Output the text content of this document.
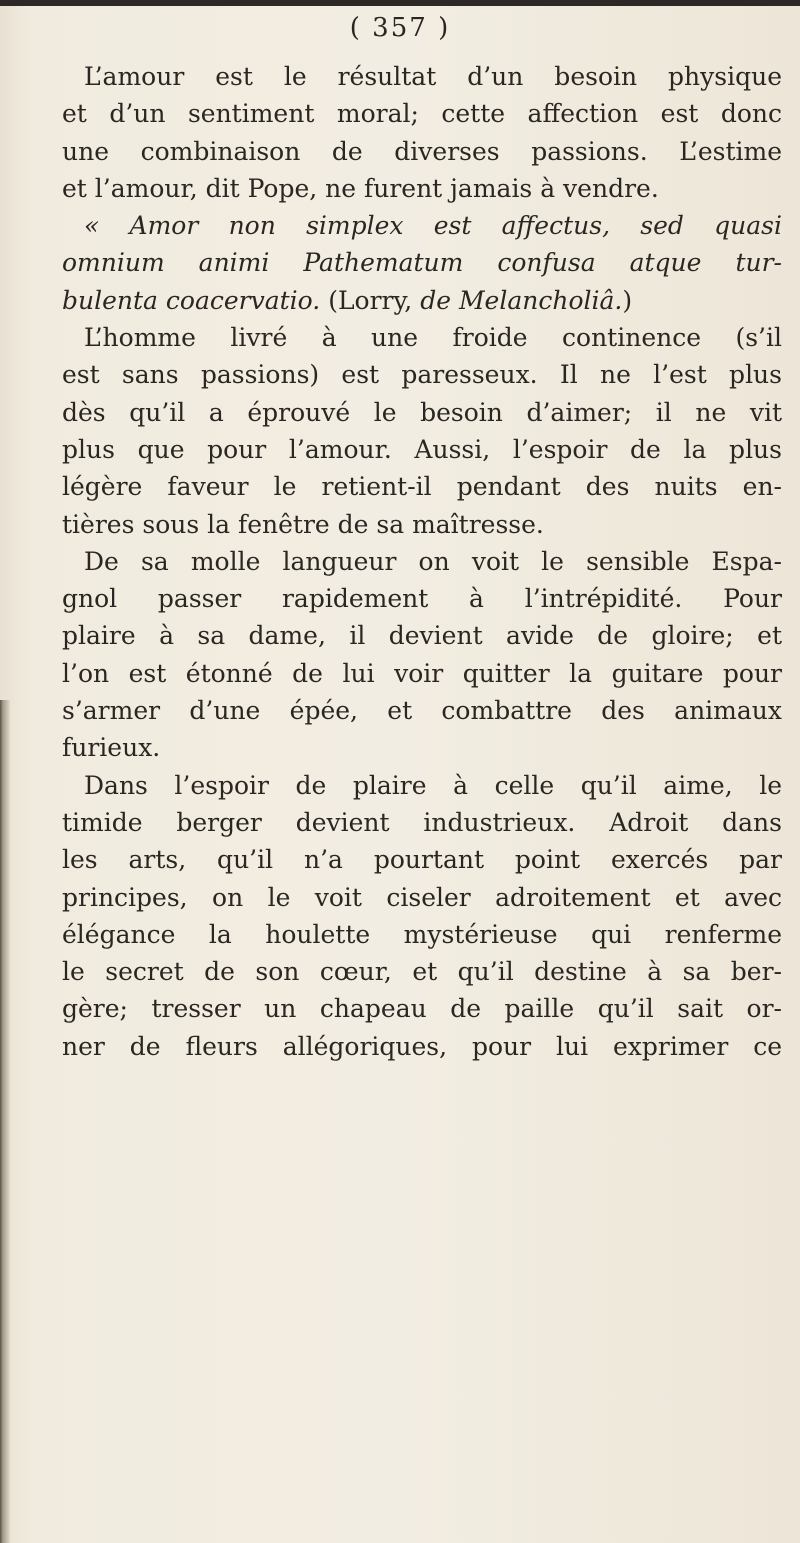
( 357 )
L’amour est le résultat d’un besoin physique
et d’un sentiment moral; cette affection est donc
une combinaison de diverses passions. L’estime
et l’amour, dit Pope, ne furent jamais à vendre.
« Amor non simplex est affectus, sed quasi
omnium animi Pathematum confusa atque tur-
bulenta coacervatio. (Lorry, de Melancholiâ.)
L’homme livré à une froide continence (s’il
est sans passions) est paresseux. Il ne l’est plus
dès qu’il a éprouvé le besoin d’aimer; il ne vit
plus que pour l’amour. Aussi, l’espoir de la plus
légère faveur le retient-il pendant des nuits en-
tières sous la fenêtre de sa maîtresse.
De sa molle langueur on voit le sensible Espa-
gnol passer rapidement à l’intrépidité. Pour
plaire à sa dame, il devient avide de gloire; et
l’on est étonné de lui voir quitter la guitare pour
s’armer d’une épée, et combattre des animaux
furieux.
Dans l’espoir de plaire à celle qu’il aime, le
timide berger devient industrieux. Adroit dans
les arts, qu’il n’a pourtant point exercés par
principes, on le voit ciseler adroitement et avec
élégance la houlette mystérieuse qui renferme
le secret de son cœur, et qu’il destine à sa ber-
gère; tresser un chapeau de paille qu’il sait or-
ner de fleurs allégoriques, pour lui exprimer ce
